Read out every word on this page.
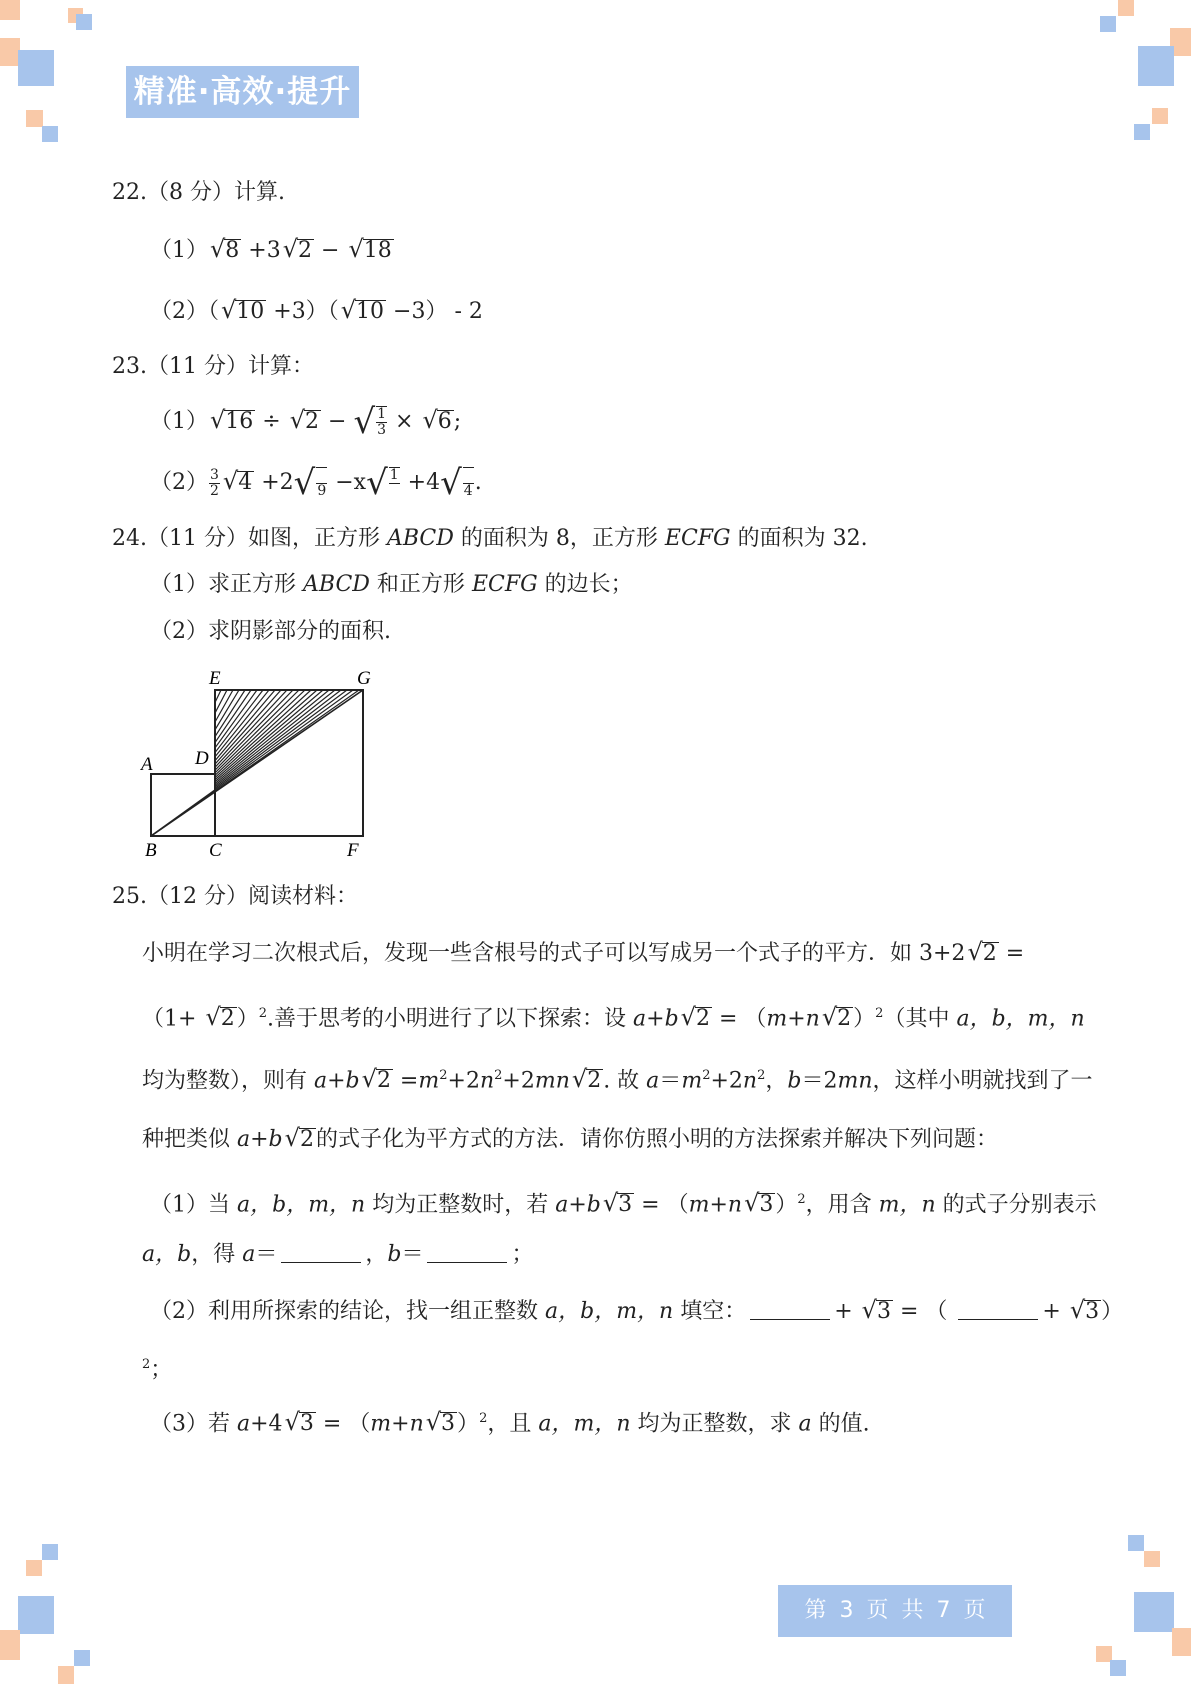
精准·高效·提升
22.（8 分）计算.
（1）√8 +3√2 − √18
（2）（√10 +3）（√10 −3） ‑ 2
23.（11 分）计算：
（1）√16 ÷ √2 − √ $\frac{1}{3} \times √6$;
$(2) \frac{3}{2} √4 +2√$
9 −x√ 1
+4√
4 .
24.（11 分）如图，正方形 ABCD 的面积为 8，正方形 ECFG 的面积为 32.
（1）求正方形 ABCD 和正方形 ECFG 的边长；
（2）求阴影部分的面积.
E	G
A D
B	C	F
25.（12 分）阅读材料：
小明在学习二次根式后，发现一些含根号的式子可以写成另一个式子的平方．如 3+2√2 =
$(1+ √2)^2$.善于思考的小明进行了以下探索：设 $a+b√2 = (m+n√2)^2$（其中 a，b，m，n
均为整数），则有 $a+b√2 =m^2+2n^2+2mn√2$. 故 $a=m^2+2n^2$，b＝2mn，这样小明就找到了一
种把类似 a+b√2的式子化为平方式的方法．请你仿照小明的方法探索并解决下列问题：
（1）当 a，b，m，n 均为正整数时，若 $a+b√3 = (m+n√3)^2$，用含 m，n 的式子分别表示
a，b，得 a＝	，b＝	；
（2）利用所探索的结论，找一组正整数 a，b，m，n 填空：	+ √3 = （	+ √3）
$^2$；
（3）若 $a+4√3 = (m+n√3)^2$，且 a，m，n 均为正整数，求 a 的值.
第 3 页 共 7 页
